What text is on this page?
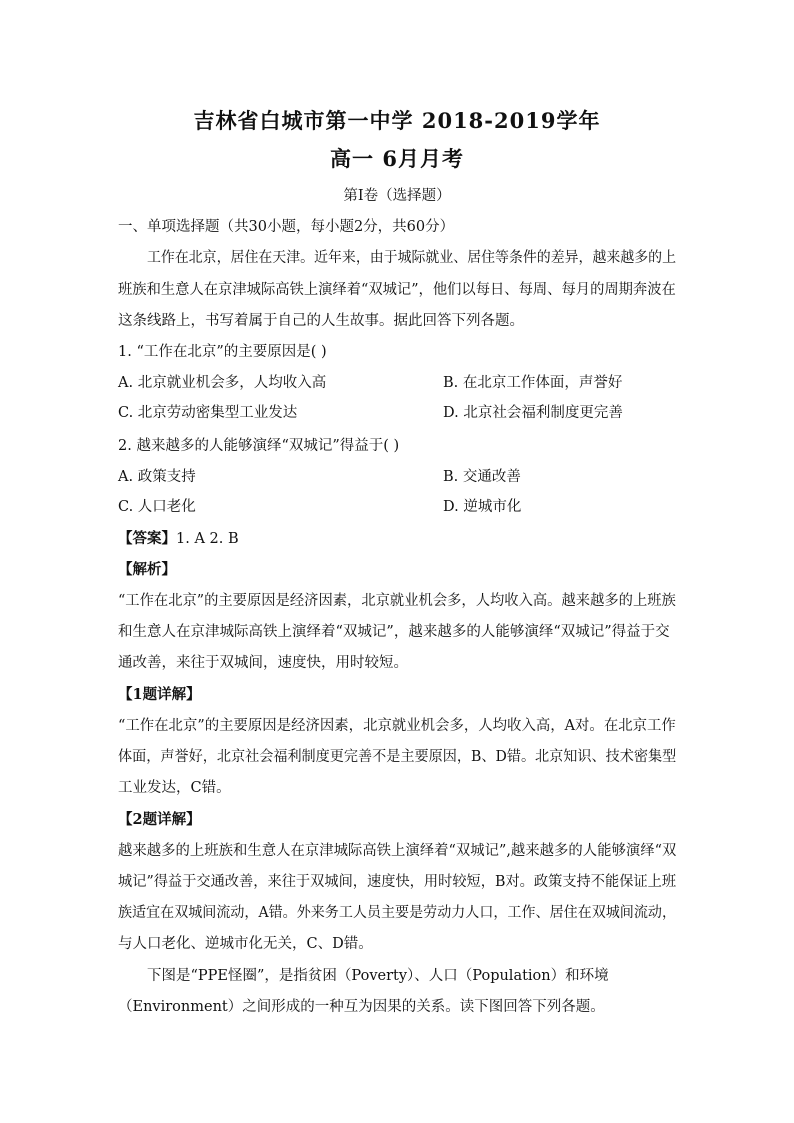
吉林省白城市第一中学 2018-2019学年
高一 6月月考
第Ⅰ卷（选择题）
一、单项选择题（共30小题，每小题2分，共60分）
工作在北京，居住在天津。近年来，由于城际就业、居住等条件的差异，越来越多的上
班族和生意人在京津城际高铁上演绎着“双城记”，他们以每日、每周、每月的周期奔波在
这条线路上，书写着属于自己的人生故事。据此回答下列各题。
1. “工作在北京”的主要原因是( )
A. 北京就业机会多，人均收入高	B. 在北京工作体面，声誉好
C. 北京劳动密集型工业发达	D. 北京社会福利制度更完善
2. 越来越多的人能够演绎“双城记”得益于( )
A. 政策支持	B. 交通改善
C. 人口老化	D. 逆城市化
【答案】1. A 2. B
【解析】
“工作在北京”的主要原因是经济因素，北京就业机会多，人均收入高。越来越多的上班族
和生意人在京津城际高铁上演绎着“双城记”，越来越多的人能够演绎“双城记”得益于交
通改善，来往于双城间，速度快，用时较短。
【1题详解】
“工作在北京”的主要原因是经济因素，北京就业机会多，人均收入高，A对。在北京工作
体面，声誉好，北京社会福利制度更完善不是主要原因，B、D错。北京知识、技术密集型
工业发达，C错。
【2题详解】
越来越多的上班族和生意人在京津城际高铁上演绎着“双城记”,越来越多的人能够演绎“双
城记”得益于交通改善，来往于双城间，速度快，用时较短，B对。政策支持不能保证上班
族适宜在双城间流动，A错。外来务工人员主要是劳动力人口，工作、居住在双城间流动，
与人口老化、逆城市化无关，C、D错。
下图是“PPE怪圈”，是指贫困（Poverty）、人口（Population）和环境
（Environment）之间形成的一种互为因果的关系。读下图回答下列各题。
